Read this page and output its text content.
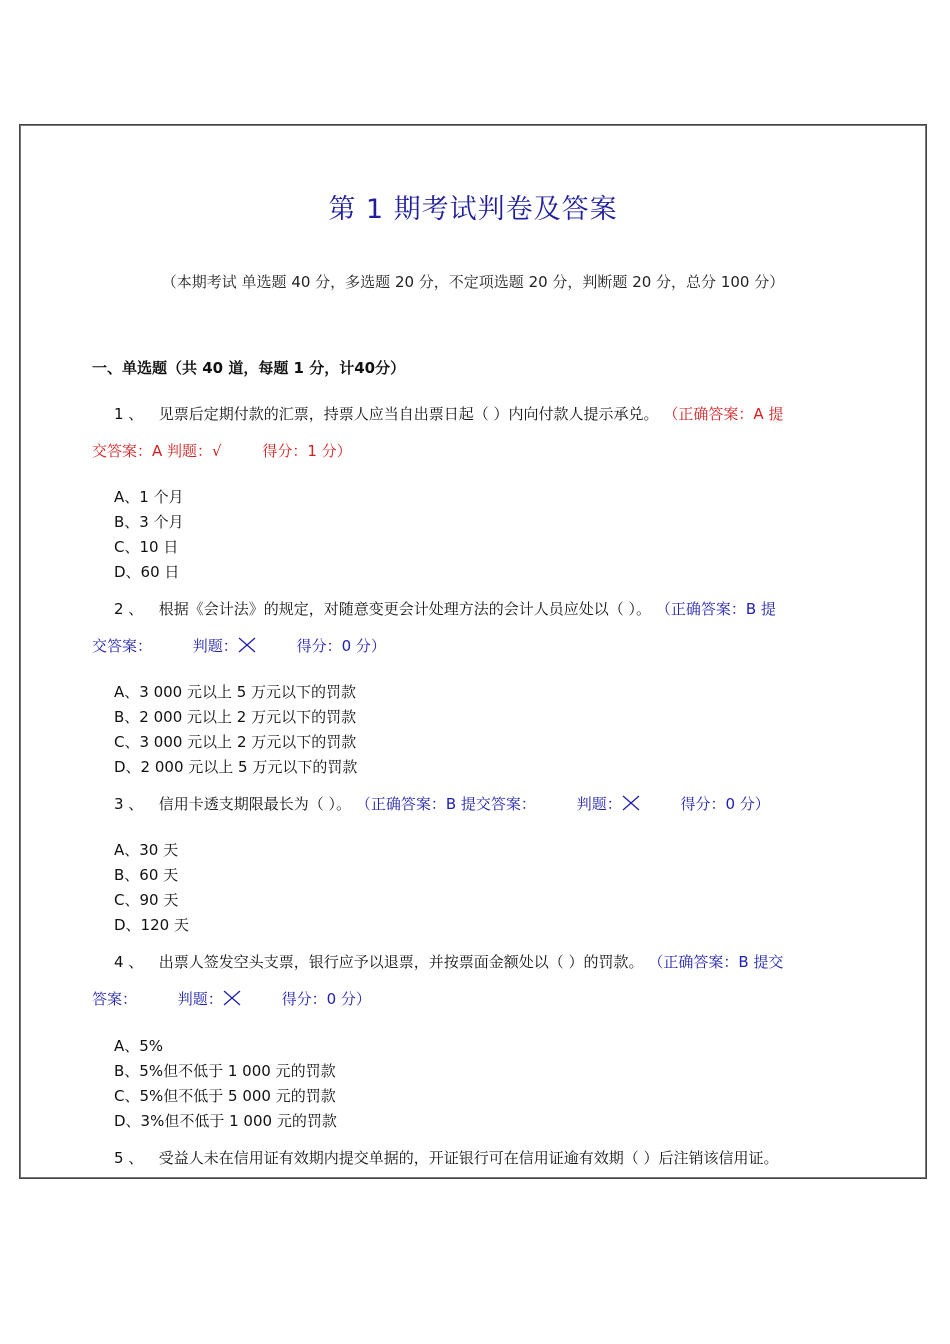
第 1 期考试判卷及答案
（本期考试 单选题 40 分，多选题 20 分，不定项选题 20 分，判断题 20 分，总分 100 分）
一、单选题（共 40 道，每题 1 分，计40分）
1 、 见票后定期付款的汇票，持票人应当自出票日起（ ）内向付款人提示承兑。 （正确答案：A 提
交答案：A 判题：√	得分：1 分）
A、1 个月
B、3 个月
C、10 日
D、60 日
2 、 根据《会计法》的规定，对随意变更会计处理方法的会计人员应处以（ ）。 （正确答案：B 提
交答案：	判题：	得分：0 分）
A、3 000 元以上 5 万元以下的罚款
B、2 000 元以上 2 万元以下的罚款
C、3 000 元以上 2 万元以下的罚款
D、2 000 元以上 5 万元以下的罚款
3 、 信用卡透支期限最长为（ ）。 （正确答案：B 提交答案：	判题：	得分：0 分）
A、30 天
B、60 天
C、90 天
D、120 天
4 、 出票人签发空头支票，银行应予以退票，并按票面金额处以（ ）的罚款。 （正确答案：B 提交
答案：	判题：	得分：0 分）
A、5%
B、5%但不低于 1 000 元的罚款
C、5%但不低于 5 000 元的罚款
D、3%但不低于 1 000 元的罚款
5 、 受益人未在信用证有效期内提交单据的，开证银行可在信用证逾有效期（ ）后注销该信用证。
